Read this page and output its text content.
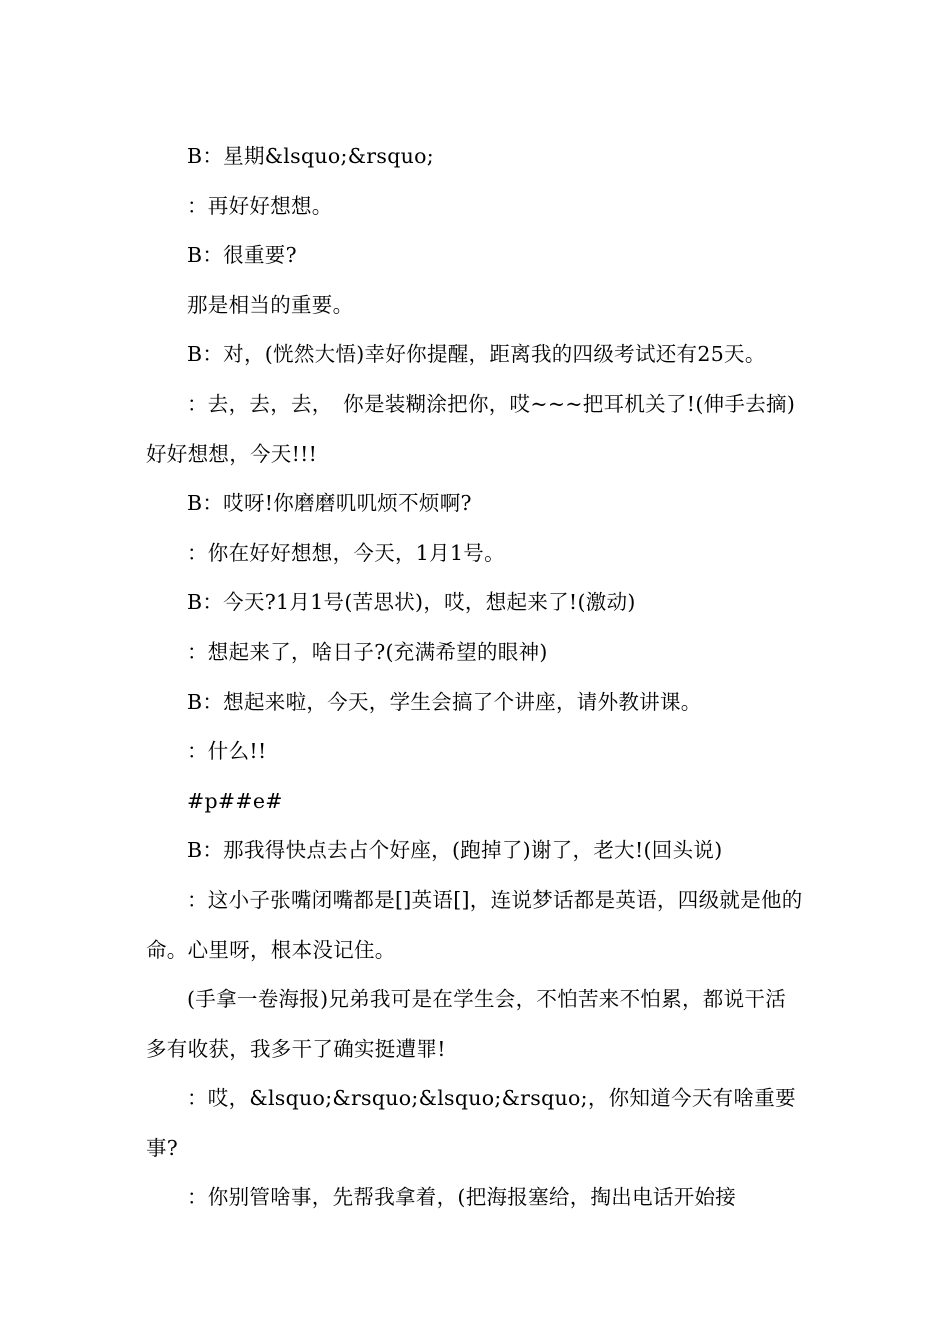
B：星期&lsquo;&rsquo;

：再好好想想。

B：很重要?

那是相当的重要。

B：对，(恍然大悟)幸好你提醒，距离我的四级考试还有25天。

：去，去，去，　你是装糊涂把你，哎~~~把耳机关了!(伸手去摘)好好想想，今天!!!

B：哎呀!你磨磨叽叽烦不烦啊?

：你在好好想想，今天，1月1号。

B：今天?1月1号(苦思状)，哎，想起来了!(激动)

：想起来了，啥日子?(充满希望的眼神)

B：想起来啦，今天，学生会搞了个讲座，请外教讲课。

：什么!!

#p##e#

B：那我得快点去占个好座，(跑掉了)谢了，老大!(回头说)

：这小子张嘴闭嘴都是[]英语[]，连说梦话都是英语，四级就是他的命。心里呀，根本没记住。

(手拿一卷海报)兄弟我可是在学生会，不怕苦来不怕累，都说干活多有收获，我多干了确实挺遭罪!

：哎，&lsquo;&rsquo;&lsquo;&rsquo;，你知道今天有啥重要事?

：你别管啥事，先帮我拿着，(把海报塞给，掏出电话开始接
